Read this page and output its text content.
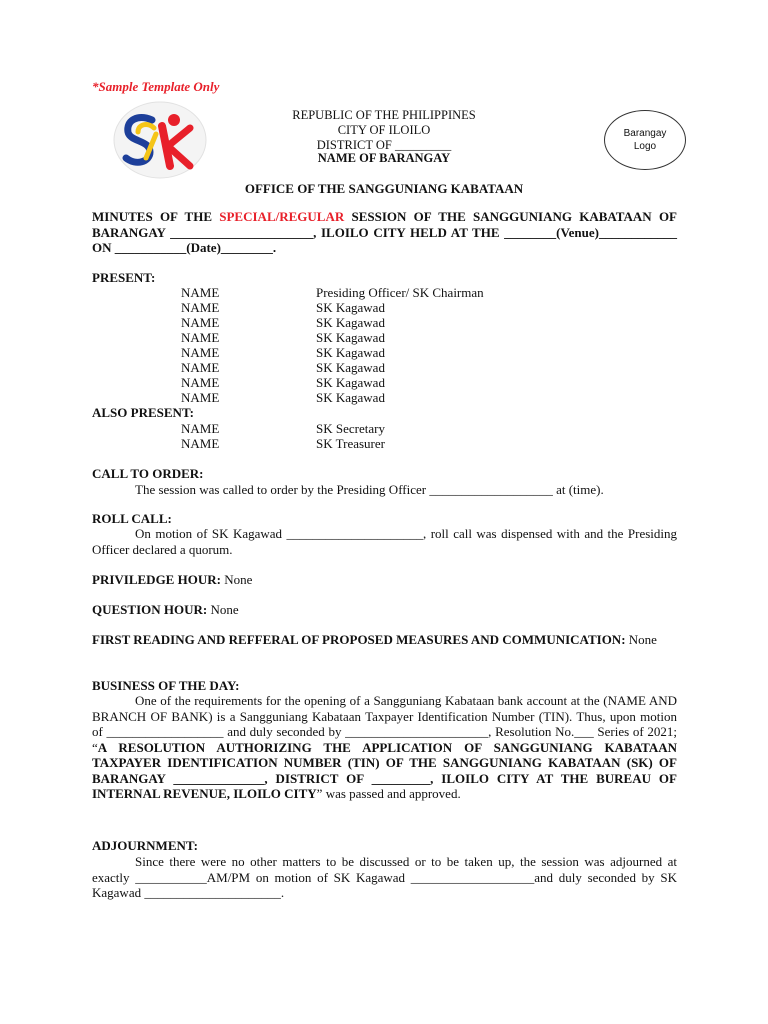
*Sample Template Only
REPUBLIC OF THE PHILIPPINES
CITY OF ILOILO
DISTRICT OF _________
NAME OF BARANGAY
Barangay
Logo
OFFICE OF THE SANGGUNIANG KABATAAN
MINUTES OF THE SPECIAL/REGULAR SESSION OF THE SANGGUNIANG KABATAAN OF BARANGAY ______________________, ILOILO CITY HELD AT THE ________(Venue)____________ ON ___________(Date)________.
PRESENT:
NAME	Presiding Officer/ SK Chairman
NAME	SK Kagawad
NAME	SK Kagawad
NAME	SK Kagawad
NAME	SK Kagawad
NAME	SK Kagawad
NAME	SK Kagawad
NAME	SK Kagawad
ALSO PRESENT:
NAME	SK Secretary
NAME	SK Treasurer
CALL TO ORDER:
The session was called to order by the Presiding Officer ___________________ at (time).
ROLL CALL:
On motion of SK Kagawad _____________________, roll call was dispensed with and the Presiding Officer declared a quorum.
PRIVILEDGE HOUR: None
QUESTION HOUR: None
FIRST READING AND REFFERAL OF PROPOSED MEASURES AND COMMUNICATION: None
BUSINESS OF THE DAY:
One of the requirements for the opening of a Sangguniang Kabataan bank account at the (NAME AND BRANCH OF BANK) is a Sangguniang Kabataan Taxpayer Identification Number (TIN). Thus, upon motion of __________________ and duly seconded by ______________________, Resolution No.___ Series of 2021; “A RESOLUTION AUTHORIZING THE APPLICATION OF SANGGUNIANG KABATAAN TAXPAYER IDENTIFICATION NUMBER (TIN) OF THE SANGGUNIANG KABATAAN (SK) OF BARANGAY ______________, DISTRICT OF _________, ILOILO CITY AT THE BUREAU OF INTERNAL REVENUE, ILOILO CITY” was passed and approved.
ADJOURNMENT:
Since there were no other matters to be discussed or to be taken up, the session was adjourned at exactly ___________AM/PM on motion of SK Kagawad ___________________and duly seconded by SK Kagawad _____________________.
